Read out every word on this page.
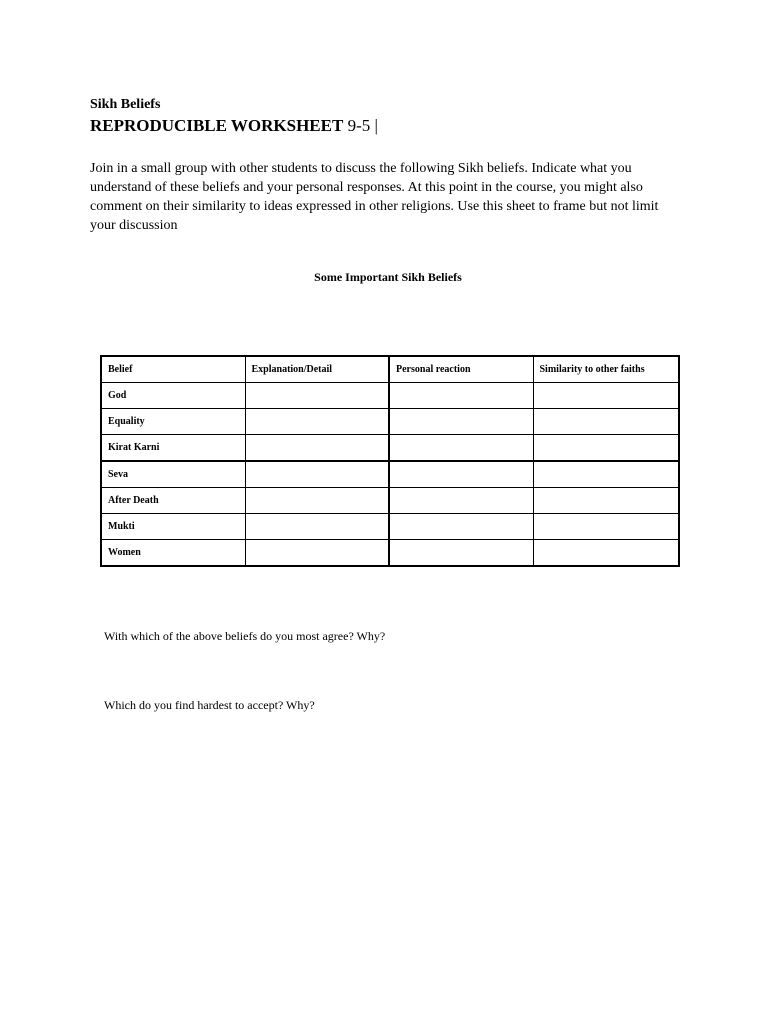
Sikh Beliefs
REPRODUCIBLE WORKSHEET 9-5 |
Join in a small group with other students to discuss the following Sikh beliefs. Indicate what you understand of these beliefs and your personal responses. At this point in the course, you might also comment on their similarity to ideas expressed in other religions. Use this sheet to frame but not limit your discussion
Some Important Sikh Beliefs
Belief	Explanation/Detail	Personal reaction	Similarity to other faiths
God			
Equality			
Kirat Karni			
Seva			
After Death			
Mukti			
Women			
With which of the above beliefs do you most agree? Why?
Which do you find hardest to accept? Why?
